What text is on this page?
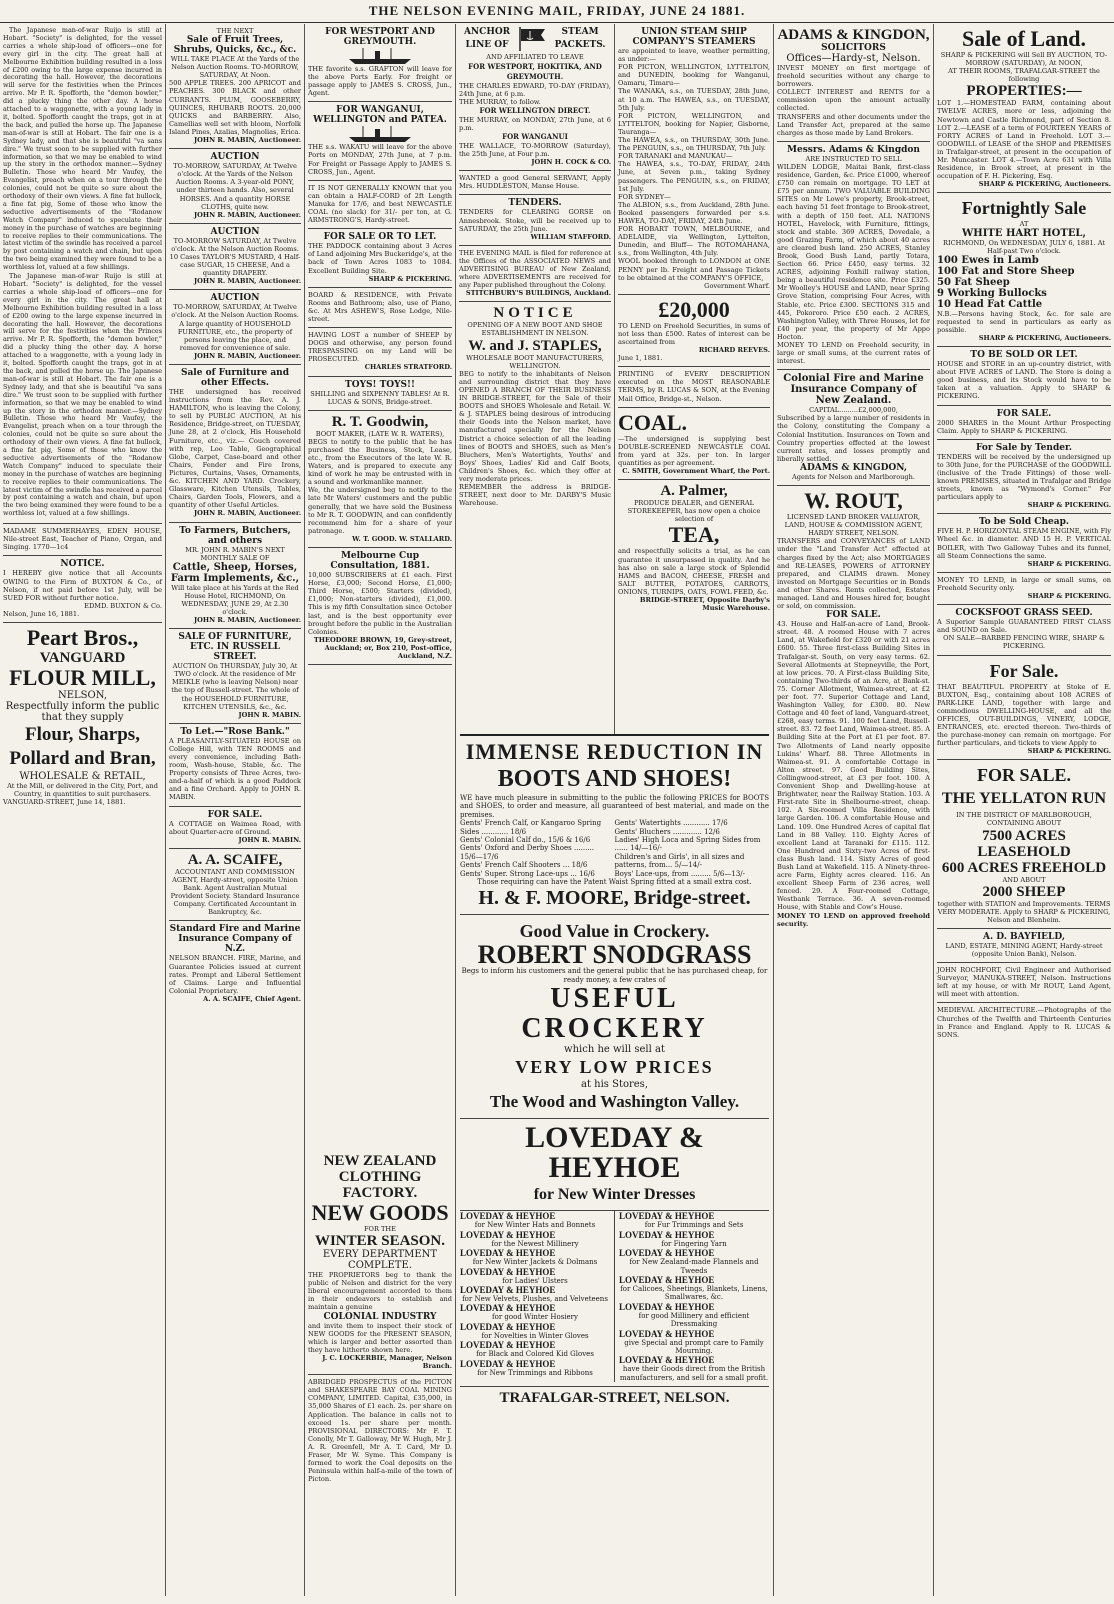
THE NELSON EVENING MAIL, FRIDAY, JUNE 24 1881.

The Japanese man-of-war Ruijo is still at Hobart. "Society" is delighted, for the vessel carries a whole ship-load of officers—one for every girl in the city. The great hall at Melbourne Exhibition building resulted in a loss of £200 owing to the large expense incurred in decorating the hall. However, the decorations will serve for the festivities when the Princes arrive. Mr P. R. Spofforth, the "demon bowler," did a plucky thing the other day. A horse attached to a waggonette, with a young lady in it, bolted. Spofforth caught the traps, got in at the back, and pulled the horse up. The Japanese man-of-war is still at Hobart. The fair one is a Sydney lady, and that she is beautiful "va sans dire." We trust soon to be supplied with further information, so that we may be enabled to wind up the story in the orthodox manner.—Sydney Bulletin. Those who heard Mr Vaufey, the Evangelist, preach when on a tour through the colonies, could not be quite so sure about the orthodoxy of their own views. A fine fat bullock, a fine fat pig, Some of those who know the seductive advertisements of the "Rodanow Watch Company" induced to speculate their money in the purchase of watches are beginning to receive replies to their communications. The latest victim of the swindle has received a parcel by post containing a watch and chain, but upon the two being examined they were found to be a worthless lot, valued at a few shillings.

The Japanese man-of-war Ruijo is still at Hobart. "Society" is delighted, for the vessel carries a whole ship-load of officers—one for every girl in the city. The great hall at Melbourne Exhibition building resulted in a loss of £200 owing to the large expense incurred in decorating the hall. However, the decorations will serve for the festivities when the Princes arrive. Mr P. R. Spofforth, the "demon bowler," did a plucky thing the other day. A horse attached to a waggonette, with a young lady in it, bolted. Spofforth caught the traps, got in at the back, and pulled the horse up. The Japanese man-of-war is still at Hobart. The fair one is a Sydney lady, and that she is beautiful "va sans dire." We trust soon to be supplied with further information, so that we may be enabled to wind up the story in the orthodox manner.—Sydney Bulletin. Those who heard Mr Vaufey, the Evangelist, preach when on a tour through the colonies, could not be quite so sure about the orthodoxy of their own views. A fine fat bullock, a fine fat pig, Some of those who know the seductive advertisements of the "Rodanow Watch Company" induced to speculate their money in the purchase of watches are beginning to receive replies to their communications. The latest victim of the swindle has received a parcel by post containing a watch and chain, but upon the two being examined they were found to be a worthless lot, valued at a few shillings.

MADAME SUMMERHAYES, EDEN HOUSE, Nile-street East, Teacher of Piano, Organ, and Singing. 1770—1c4
NOTICE.
I HEREBY give notice that all Accounts OWING to the Firm of BUXTON & Co., of Nelson, if not paid before 1st July, will be SUED FOR without further notice.
EDMD. BUXTON & Co.
Nelson, June 16, 1881.
Peart Bros.,
VANGUARD
FLOUR MILL,
NELSON,
Respectfully inform the public that they supply
Flour, Sharps,
Pollard and Bran,
WHOLESALE & RETAIL,
At the Mill, or delivered in the City, Port, and Country, in quantities to suit purchasers.
VANGUARD-STREET, June 14, 1881.
THE NEXT
Sale of Fruit Trees, Shrubs, Quicks, &c., &c.
WILL TAKE PLACE At the Yards of the Nelson Auction Rooms. TO-MORROW, SATURDAY, At Noon.
500 APPLE TREES. 200 APRICOT and PEACHES. 300 BLACK and other CURRANTS. PLUM, GOOSEBERRY, QUINCES, RHUBARB ROOTS. 20,000 QUICKS and BARBERRY. Also, Camellias well set with bloom, Norfolk Island Pines, Azalias, Magnolias, Erica.
JOHN R. MABIN, Auctioneer.
AUCTION
TO-MORROW, SATURDAY, At Twelve o'clock. At the Yards of the Nelson Auction Rooms. A 3-year-old PONY, under thirteen hands. Also, several HORSES. And a quantity HORSE CLOTHS, quite new.
JOHN R. MABIN, Auctioneer.
AUCTION
TO-MORROW SATURDAY, At Twelve o'clock. At the Nelson Auction Rooms. 10 Cases TAYLOR'S MUSTARD, 4 Half-case SUGAR, 15 CHEESE, And a quantity DRAPERY.
JOHN R. MABIN, Auctioneer.
AUCTION
TO-MORROW, SATURDAY, At Twelve o'clock. At the Nelson Auction Rooms. A large quantity of HOUSEHOLD FURNITURE, etc., the property of persons leaving the place, and removed for convenience of sale.
JOHN R. MABIN, Auctioneer.
Sale of Furniture and other Effects.
THE undersigned has received instructions from the Rev. A. J. HAMILTON, who is leaving the Colony, to sell by PUBLIC AUCTION, At his Residence, Bridge-street, on TUESDAY, June 28, at 2 o'clock, His Household Furniture, etc., viz.— Couch covered with rep, Loo Table, Geographical Globe, Carpet, Case-board and other Chairs, Fender and Fire Irons, Pictures, Curtains, Vases, Ornaments, &c. KITCHEN AND YARD. Crockery, Glassware, Kitchen Utensils, Tables, Chairs, Garden Tools, Flowers, and a quantity of other Useful Articles.
JOHN R. MABIN, Auctioneer.
To Farmers, Butchers, and others
MR. JOHN R. MABIN'S NEXT MONTHLY SALE OF
Cattle, Sheep, Horses, Farm Implements, &c.,
Will take place at his Yards at the Red House Hotel, RICHMOND, On WEDNESDAY, JUNE 29, At 2.30 o'clock.
JOHN R. MABIN, Auctioneer.
SALE OF FURNITURE, ETC. IN RUSSELL STREET.
AUCTION On THURSDAY, July 30, At TWO o'clock. At the residence of Mr MEIKLE (who is leaving Nelson) near the top of Russell-street. The whole of the HOUSEHOLD FURNITURE, KITCHEN UTENSILS, &c., &c.
JOHN R. MABIN.
To Let.—"Rose Bank."
A PLEASANTLY-SITUATED HOUSE on College Hill, with TEN ROOMS and every convenience, including Bath-room, Wash-house, Stable, &c. The Property consists of Three Acres, two-and-a-half of which is a good Paddock and a fine Orchard. Apply to JOHN R. MABIN.
FOR SALE.
A COTTAGE on Waimea Road, with about Quarter-acre of Ground.
JOHN R. MABIN.
A. A. SCAIFE,
ACCOUNTANT AND COMMISSION AGENT, Hardy-street, opposite Union Bank. Agent Australian Mutual Provident Society. Standard Insurance Company. Certificated Accountant in Bankruptcy, &c.
Standard Fire and Marine Insurance Company of N.Z.
NELSON BRANCH. FIRE, Marine, and Guarantee Policies issued at current rates. Prompt and Liberal Settlement of Claims. Large and Influential Colonial Proprietary.
A. A. SCAIFE, Chief Agent.
FOR WESTPORT AND GREYMOUTH.
THE favorite s.s. GRAFTON will leave for the above Ports Early. For freight or passage apply to JAMES S. CROSS, Jun., Agent.
FOR WANGANUI, WELLINGTON and PATEA.
THE s.s. WAKATU will leave for the above Ports on MONDAY, 27th June, at 7 p.m. For Freight or Passage Apply to JAMES S. CROSS, Jun., Agent.
IT IS NOT GENERALLY KNOWN that you can obtain a HALF-CORD of 2ft Length Manuka for 17/6, and best NEWCASTLE COAL (no slack) for 31/- per ton, at G. ARMSTRONG'S, Hardy-street.
FOR SALE OR TO LET.
THE PADDOCK containing about 3 Acres of Land adjoining Mrs Buckeridge's, at the back of Town Acres 1083 to 1084. Excellent Building Site.
SHARP & PICKERING.
BOARD & RESIDENCE, with Private Rooms and Bathroom; also, use of Piano, &c. At Mrs ASHEW'S, Rose Lodge, Nile-street.
HAVING LOST a number of SHEEP by DOGS and otherwise, any person found TRESPASSING on my Land will be PROSECUTED.
CHARLES STRATFORD.
TOYS! TOYS!!
SHILLING and SIXPENNY TABLES! At R. LUCAS & SONS, Bridge-street.
R. T. Goodwin,
BOOT MAKER, (LATE W. R. WATERS),
BEGS to notify to the public that he has purchased the Business, Stock, Lease, etc., from the Executors of the late W. R. Waters, and is prepared to execute any kind of work he may be entrusted with in a sound and workmanlike manner.
We, the undersigned beg to notify to the late Mr Waters' customers and the public generally, that we have sold the Business to Mr R. T. GOODWIN, and can confidently recommend him for a share of your patronage.
W. T. GOOD. W. STALLARD.
Melbourne Cup Consultation, 1881.
10,000 SUBSCRIBERS at £1 each. First Horse, £3,000; Second Horse, £1,000; Third Horse, £500; Starters (divided), £1,000; Non-starters (divided), £1,000. This is my fifth Consultation since October last, and is the best opportunity ever brought before the public in the Australian Colonies.
THEODORE BROWN, 19, Grey-street, Auckland; or, Box 210, Post-office, Auckland, N.Z.
ANCHOR		STEAM
LINE OF		PACKETS.
AND AFFILIATED TO LEAVE
FOR WESTPORT, HOKITIKA, AND GREYMOUTH.
THE CHARLES EDWARD, TO-DAY (FRIDAY), 24th June, at 6 p.m.
THE MURRAY, to follow.
FOR WELLINGTON DIRECT.
THE MURRAY, on MONDAY, 27th June, at 6 p.m.
FOR WANGANUI
THE WALLACE, TO-MORROW (Saturday), the 25th June, at Four p.m.
JOHN H. COCK & CO.
WANTED a good General SERVANT, Apply Mrs. HUDDLESTON, Manse House.
TENDERS.
TENDERS for CLEARING GORSE on Annesbrook. Stoke, will be received up to SATURDAY, the 25th June.
WILLIAM STAFFORD.
THE EVENING MAIL is filed for reference at the Offices of the ASSOCIATED NEWS and ADVERTISING BUREAU of New Zealand, where ADVERTISEMENTS are received for any Paper published throughout the Colony.
STITCHBURY'S BUILDINGS, Auckland.
NOTICE
OPENING OF A NEW BOOT AND SHOE ESTABLISHMENT IN NELSON.
W. and J. STAPLES,
WHOLESALE BOOT MANUFACTURERS, WELLINGTON.
BEG to notify to the inhabitants of Nelson and surrounding district that they have OPENED A BRANCH OF THEIR BUSINESS IN BRIDGE-STREET, for the Sale of their BOOTS and SHOES Wholesale and Retail. W. & J. STAPLES being desirous of introducing their Goods into the Nelson market, have manufactured specially for the Nelson District a choice selection of all the leading lines of BOOTS and SHOES, such as Men's Bluchers, Men's Watertights, Youths' and Boys' Shoes, Ladies' Kid and Calf Boots, Children's Shoes, &c. which they offer at very moderate prices.
REMEMBER the address is BRIDGE-STREET, next door to Mr. DARBY'S Music Warehouse.
UNION STEAM SHIP COMPANY'S STEAMERS
are appointed to leave, weather permitting, as under:—
FOR PICTON, WELLINGTON, LYTTELTON, and DUNEDIN, booking for Wanganui, Oamaru, Timaru—
The WANAKA, s.s., on TUESDAY, 28th June, at 10 a.m. The HAWEA, s.s., on TUESDAY, 5th July.
FOR PICTON, WELLINGTON, and LYTTELTON, booking for Napier, Gisborne, Tauranga—
The HAWEA, s.s., on THURSDAY, 30th June. The PENGUIN, s.s., on THURSDAY, 7th July.
FOR TARANAKI and MANUKAU—
The HAWEA, s.s., TO-DAY, FRIDAY, 24th June, at Seven p.m., taking Sydney passengers. The PENGUIN, s.s., on FRIDAY, 1st July.
FOR SYDNEY—
The ALBION, s.s., from Auckland, 28th June. Booked passengers forwarded per s.s. HAWEA, TO-DAY, FRIDAY, 24th June.
FOR HOBART TOWN, MELBOURNE, and ADELAIDE, via Wellington, Lyttelton, Dunedin, and Bluff— The ROTOMAHANA, s.s., from Wellington, 4th July.
WOOL booked through to LONDON at ONE PENNY per lb. Freight and Passage Tickets to be obtained at the COMPANY'S OFFICE,
Government Wharf.
£20,000
TO LEND on Freehold Securities, in sums of not less than £500. Rates of interest can be ascertained from
RICHARD REEVES.
June 1, 1881.
PRINTING of EVERY DESCRIPTION executed on the MOST REASONABLE TERMS, by R. LUCAS & SON, at the Evening Mail Office, Bridge-st., Nelson.
COAL.
—The undersigned is supplying best DOUBLE-SCREENED NEWCASTLE COAL from yard at 32s. per ton. In larger quantities as per agreement.
C. SMITH, Government Wharf, the Port.
A. Palmer,
PRODUCE DEALER, and GENERAL STOREKEEPER, has now open a choice selection of
TEA,
and respectfully solicits a trial, as he can guarantee it unsurpassed in quality. And he has also on sale a large stock of Splendid HAMS and BACON, CHEESE, FRESH and SALT BUTTER, POTATOES, CARROTS, ONIONS, TURNIPS, OATS, FOWL FEED, &c.
BRIDGE-STREET, Opposite Darby's Music Warehouse.
IMMENSE REDUCTION IN
BOOTS AND SHOES!
WE have much pleasure in submitting to the public the following PRICES for BOOTS and SHOES, to order and measure, all guaranteed of best material, and made on the premises.
Gents' French Calf, or Kangaroo Spring Sides ............ 18/6
Gents' Colonial Calf do., 15/6 & 16/6
Gents' Oxford and Derby Shoes ......... 15/6—17/6
Gents' French Calf Shooters ... 18/6
Gents' Super. Strong Lace-ups ... 16/6

Gents' Watertights ............ 17/6
Gents' Bluchers ............. 12/6
Ladies' High Loca and Spring Sides from ...... 14/—16/-
Children's and Girls', in all sizes and patterns, from... 5/—14/-
Boys' Lace-ups, from ......... 5/6—13/-
Those requiring can have the Patent Waist Spring fitted at a small extra cost.
H. & F. MOORE, Bridge-street.
Good Value in Crockery.
ROBERT SNODGRASS
Begs to inform his customers and the general public that he has purchased cheap, for ready money, a few crates of
USEFUL CROCKERY
which he will sell at
VERY LOW PRICES
at his Stores,
The Wood and Washington Valley.
LOVEDAY & HEYHOE
for New Winter Dresses
LOVEDAY & HEYHOE
for New Winter Hats and Bonnets
LOVEDAY & HEYHOE
for the Newest Millinery
LOVEDAY & HEYHOE
for New Winter Jackets & Dolmans
LOVEDAY & HEYHOE
for Ladies' Ulsters
LOVEDAY & HEYHOE
for New Velvets, Plushes, and Velveteens
LOVEDAY & HEYHOE
for good Winter Hosiery
LOVEDAY & HEYHOE
for Novelties in Winter Gloves
LOVEDAY & HEYHOE
for Black and Colored Kid Gloves
LOVEDAY & HEYHOE
for New Trimmings and Ribbons

LOVEDAY & HEYHOE
for Fur Trimmings and Sets
LOVEDAY & HEYHOE
for Fingering Yarn
LOVEDAY & HEYHOE
for New Zealand-made Flannels and Tweeds
LOVEDAY & HEYHOE
for Calicoes, Sheetings, Blankets, Linens, Smallwares, &c.
LOVEDAY & HEYHOE
for good Millinery and efficient Dressmaking
LOVEDAY & HEYHOE
give Special and prompt care to Family Mourning.
LOVEDAY & HEYHOE
have their Goods direct from the British manufacturers, and sell for a small profit.
TRAFALGAR-STREET, NELSON.
ADAMS & KINGDON,
SOLICITORS
Offices—Hardy-st, Nelson.
INVEST MONEY on first mortgage of freehold securities without any charge to borrowers.
COLLECT INTEREST and RENTS for a commission upon the amount actually collected.
TRANSFERS and other documents under the Land Transfer Act, prepared at the same charges as those made by Land Brokers.
Messrs. Adams & Kingdon
ARE INSTRUCTED TO SELL
WILDEN LODGE, Maitai Bank, first-class residence, Garden, &c. Price £1000, whereof £750 can remain on mortgage. TO LET at £75 per annum. TWO VALUABLE BUILDING SITES on Mr Lowe's property, Brook-street, each having 51 feet frontage to Brook-street, with a depth of 150 feet. ALL NATIONS HOTEL, Havelock, with Furniture, fittings, stock and stable. 369 ACRES, Dovedale, a good Grazing Farm, of which about 40 acres are cleared bush land. 250 ACRES, Stanley Brook, Good Bush Land, partly Totara, Section 66. Price £450, easy terms. 32 ACRES, adjoining Foxhill railway station, being a beautiful residence site. Price £325. Mr Woolley's HOUSE and LAND, near Spring Grove Station, comprising Four Acres, with Stable, etc. Price £300. SECTIONS 315 and 445, Pokororo. Price £50 each. 2 ACRES, Washington Valley, with Three Houses, let for £40 per year, the property of Mr Appo Hocton.
MONEY TO LEND on Freehold security, in large or small sums, at the current rates of interest.
Colonial Fire and Marine Insurance Company of New Zealand.
CAPITAL.........£2,000,000,
Subscribed by a large number of residents in the Colony, constituting the Company a Colonial Institution. Insurances on Town and Country properties effected at the lowest current rates, and losses promptly and liberally settled.
ADAMS & KINGDON,
Agents for Nelson and Marlborough.
W. ROUT,
LICENSED LAND BROKER VALUATOR, LAND, HOUSE & COMMISSION AGENT,
HARDY STREET, NELSON.
TRANSFERS and CONVEYANCES of LAND under the "Land Transfer Act" effected at charges fixed by the Act; also MORTGAGES and RE-LEASES, POWERS of ATTORNEY prepared, and CLAIMS drawn. Money invested on Mortgage Securities or in Bonds and other Shares. Rents collected, Estates managed. Land and Houses hired for, bought or sold, on commission.
FOR SALE.
43. House and Half-an-acre of Land, Brook-street. 48. A roomed House with 7 acres Land, at Wakefield for £320 or with 21 acres £600. 55. Three first-class Building Sites in Trafalgar-st. South, on very easy terms. 62. Several Allotments at Stepneyville, the Port, at low prices. 70. A First-class Building Site, containing Two-thirds of an Acre, at Bank-st. 75. Corner Allotment, Waimea-street, at £2 per foot. 77. Superior Cottage and Land, Washington Valley, for £300. 80. New Cottage and 40 feet of land, Vanguard-street, £268, easy terms. 91. 100 feet Land, Russell-street. 83. 72 feet Land, Waimea-street. 85. A Building Site at the Port at £1 per foot. 87. Two Allotments of Land nearly opposite Lukins' Wharf. 88. Three Allotments in Waimea-st. 91. A comfortable Cottage in Alton street. 97. Good Building Sites, Collingwood-street, at £3 per foot. 100. A Convenient Shop and Dwelling-house at Brightwater, near the Railway Station. 103. A First-rate Site in Shelbourne-street, cheap. 102. A Six-roomed Villa Residence, with large Garden. 106. A comfortable House and Land. 109. One Hundred Acres of capital flat Land in 88 Valley. 110. Eighty Acres of excellent Land at Taranaki for £115. 112. One Hundred and Sixty-two Acres of first-class Bush land. 114. Sixty Acres of good Bush Land at Wakefield. 115. A Ninety-three-acre Farm, Eighty acres cleared. 116. An excellent Sheep Farm of 236 acres, well fenced. 29. A Four-roomed Cottage, Westbank Terrace. 36. A seven-roomed House, with Stable and Cow's House.
MONEY TO LEND on approved freehold security.
Sale of Land.
SHARP & PICKERING will Sell BY AUCTION, TO-MORROW (SATURDAY), At NOON,
AT THEIR ROOMS, TRAFALGAR-STREET the following
PROPERTIES:—
LOT 1.—HOMESTEAD FARM, containing about TWELVE ACRES, more or less, adjoining the Newtown and Castle Richmond, part of Section 8. LOT 2.—LEASE of a term of FOURTEEN YEARS of FORTY ACRES of Land in Freehold. LOT 3.—GOODWILL of LEASE of the SHOP and PREMISES in Trafalgar-street, at present in the occupation of Mr. Muncaster. LOT 4.—Town Acre 631 with Villa Residence, in Brook street, at present in the occupation of F. H. Pickering, Esq.
SHARP & PICKERING, Auctioneers.
Fortnightly Sale
AT
WHITE HART HOTEL,
RICHMOND, On WEDNESDAY, JULY 6, 1881. At Half-past Two o'clock.
100 Ewes in Lamb
100 Fat and Store Sheep
50 Fat Sheep
9 Working Bullocks
10 Head Fat Cattle
N.B.—Persons having Stock, &c. for sale are requested to send in particulars as early as possible.
SHARP & PICKERING, Auctioneers.
TO BE SOLD OR LET.
HOUSE and STORE in an up-country district, with about FIVE ACRES of LAND. The Store is doing a good business, and its Stock would have to be taken at a valuation. Apply to SHARP & PICKERING.
FOR SALE.
2000 SHARES in the Mount Arthur Prospecting Claim. Apply to SHARP & PICKERING.
For Sale by Tender.
TENDERS will be received by the undersigned up to 30th June, for the PURCHASE of the GOODWILL (inclusive of the Trade Fittings) of those well-known PREMISES, situated in Trafalgar and Bridge streets, known as "Wymond's Corner." For particulars apply to
SHARP & PICKERING.
To be Sold Cheap.
FIVE H. P. HORIZONTAL STEAM ENGINE, with Fly Wheel &c. in diameter. AND 15 H. P. VERTICAL BOILER, with Two Galloway Tubes and its funnel, all Steam Connections the same.
SHARP & PICKERING.
MONEY TO LEND, in large or small sums, on Freehold Security only.
SHARP & PICKERING.
COCKSFOOT GRASS SEED.
A Superior Sample GUARANTEED FIRST CLASS and SOUND on Sale.
ON SALE—BARBED FENCING WIRE, SHARP & PICKERING.
For Sale.
THAT BEAUTIFUL PROPERTY at Stoke of E. BUXTON, Esq., containing about 108 ACRES of PARK-LIKE LAND, together with large and commodious DWELLING-HOUSE, and all the OFFICES, OUT-BUILDINGS, VINERY, LODGE, ENTRANCES, etc. erected thereon. Two-thirds of the purchase-money can remain on mortgage. For further particulars, and tickets to view Apply to
SHARP & PICKERING.
FOR SALE.
THE YELLATON RUN
IN THE DISTRICT OF MARLBOROUGH, CONTAINING ABOUT
7500 ACRES LEASEHOLD
600 ACRES FREEHOLD
AND ABOUT
2000 SHEEP
together with STATION and Improvements. TERMS VERY MODERATE. Apply to SHARP & PICKERING, Nelson and Blenheim.
A. D. BAYFIELD,
LAND, ESTATE, MINING AGENT, Hardy-street (opposite Union Bank), Nelson.
JOHN ROCHFORT, Civil Engineer and Authorised Surveyor, MANUKA-STREET, Nelson. Instructions left at my house, or with Mr ROUT, Land Agent, will meet with attention.
MEDIEVAL ARCHITECTURE.—Photographs of the Churches of the Twelfth and Thirteenth Centuries in France and England. Apply to R. LUCAS & SONS.
NEW ZEALAND
CLOTHING FACTORY.
NEW GOODS
FOR THE
WINTER SEASON.
EVERY DEPARTMENT COMPLETE.
THE PROPRIETORS beg to thank the public of Nelson and district for the very liberal encouragement accorded to them in their endeavors to establish and maintain a genuine
COLONIAL INDUSTRY
and invite them to inspect their stock of NEW GOODS for the PRESENT SEASON, which is larger and better assorted than they have hitherto shown here.
J. C. LOCKERBIE, Manager, Nelson Branch.
ABRIDGED PROSPECTUS of the PICTON and SHAKESPEARE BAY COAL MINING COMPANY, LIMITED. Capital, £35,000, in 35,000 Shares of £1 each. 2s. per share on Application. The balance in calls not to exceed 1s. per share per month. PROVISIONAL DIRECTORS: Mr F. T. Conolly, Mr T. Galloway, Mr W. Hugh, Mr J. A. R. Greenfell, Mr A. T. Card, Mr D. Fraser, Mr W. Syme. This Company is formed to work the Coal deposits on the Peninsula within half-a-mile of the town of Picton.
